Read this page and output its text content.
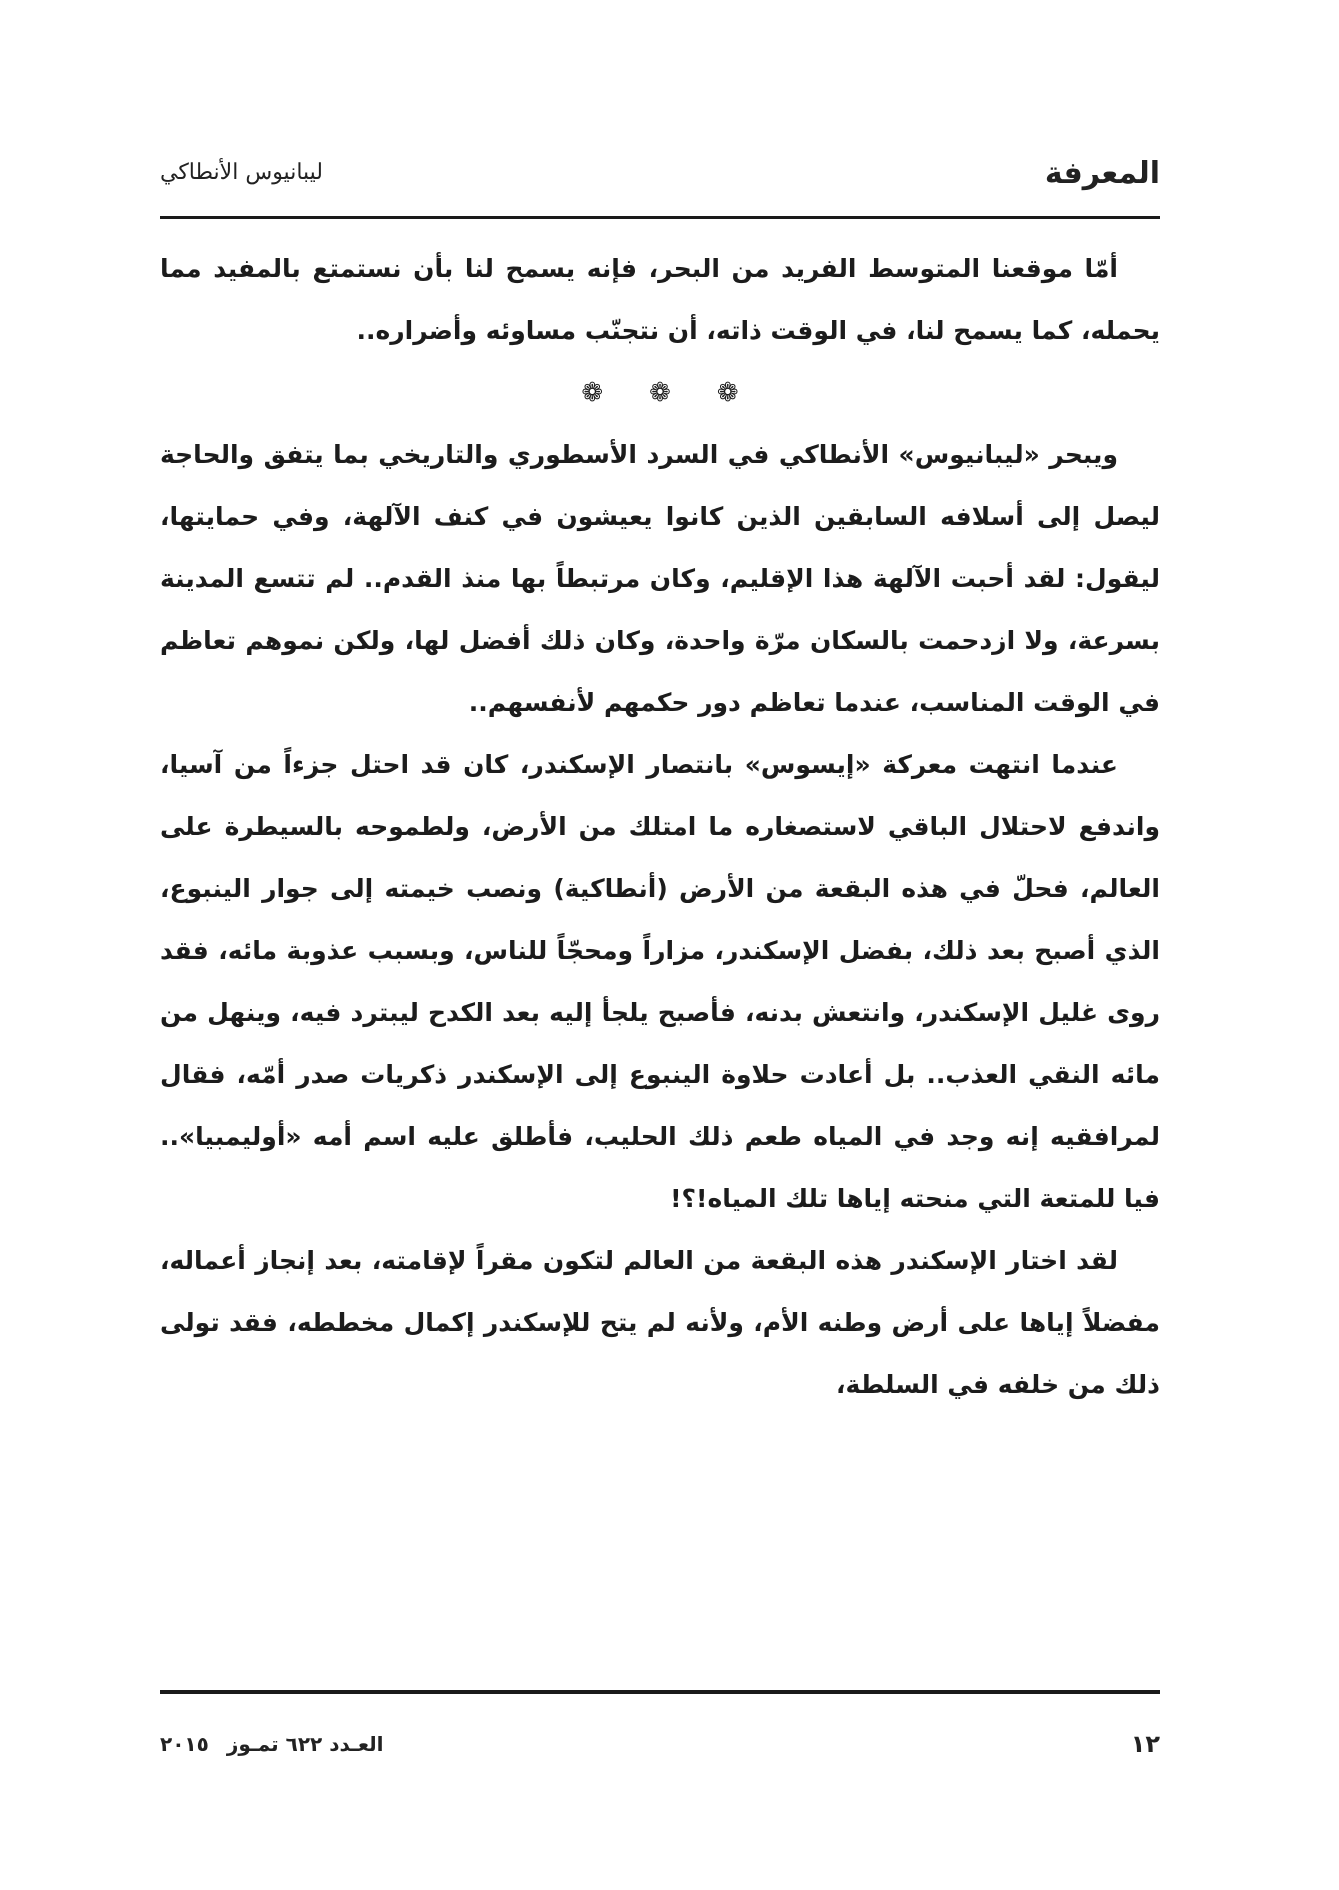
المعرفة
ليبانيوس الأنطاكي

أمّا موقعنا المتوسط الفريد من البحر، فإنه يسمح لنا بأن نستمتع بالمفيد مما يحمله، كما يسمح لنا، في الوقت ذاته، أن نتجنّب مساوئه وأضراره..

❁
❁
❁

ويبحر «ليبانيوس» الأنطاكي في السرد الأسطوري والتاريخي بما يتفق والحاجة ليصل إلى أسلافه السابقين الذين كانوا يعيشون في كنف الآلهة، وفي حمايتها، ليقول: لقد أحبت الآلهة هذا الإقليم، وكان مرتبطاً بها منذ القدم.. لم تتسع المدينة بسرعة، ولا ازدحمت بالسكان مرّة واحدة، وكان ذلك أفضل لها، ولكن نموهم تعاظم في الوقت المناسب، عندما تعاظم دور حكمهم لأنفسهم..

عندما انتهت معركة «إيسوس» بانتصار الإسكندر، كان قد احتل جزءاً من آسيا، واندفع لاحتلال الباقي لاستصغاره ما امتلك من الأرض، ولطموحه بالسيطرة على العالم، فحلّ في هذه البقعة من الأرض (أنطاكية) ونصب خيمته إلى جوار الينبوع، الذي أصبح بعد ذلك، بفضل الإسكندر، مزاراً ومحجّاً للناس، وبسبب عذوبة مائه، فقد روى غليل الإسكندر، وانتعش بدنه، فأصبح يلجأ إليه بعد الكدح ليبترد فيه، وينهل من مائه النقي العذب.. بل أعادت حلاوة الينبوع إلى الإسكندر ذكريات صدر أمّه، فقال لمرافقيه إنه وجد في المياه طعم ذلك الحليب، فأطلق عليه اسم أمه «أوليمبيا».. فيا للمتعة التي منحته إياها تلك المياه!؟!

لقد اختار الإسكندر هذه البقعة من العالم لتكون مقراً لإقامته، بعد إنجاز أعماله، مفضلاً إياها على أرض وطنه الأم، ولأنه لم يتح للإسكندر إكمال مخططه، فقد تولى ذلك من خلفه في السلطة،

١٢
العـدد ٦٢٢ تمـوز
٢٠١٥
